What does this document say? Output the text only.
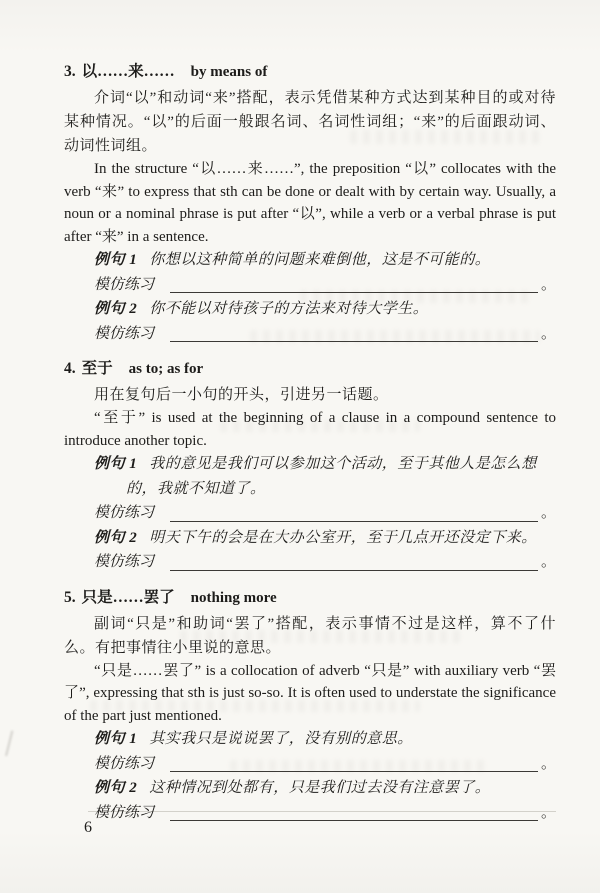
3. 以……来…… by means of

介词“以”和动词“来”搭配，表示凭借某种方式达到某种目的或对待某种情况。“以”的后面一般跟名词、名词性词组；“来”的后面跟动词、动词性词组。

In the structure “以……来……”, the preposition “以” collocates with the verb “来” to express that sth can be done or dealt with by certain way. Usually, a noun or a nominal phrase is put after “以”, while a verb or a verbal phrase is put after “来” in a sentence.

例句 1 你想以这种简单的问题来难倒他，这是不可能的。

模仿练习	。

例句 2 你不能以对待孩子的方法来对待大学生。

模仿练习	。
4. 至于 as to; as for

用在复句后一小句的开头，引进另一话题。

“至于” is used at the beginning of a clause in a compound sentence to introduce another topic.

例句 1 我的意见是我们可以参加这个活动，至于其他人是怎么想的，我就不知道了。

模仿练习	。

例句 2 明天下午的会是在大办公室开，至于几点开还没定下来。

模仿练习	。
5. 只是……罢了 nothing more

副词“只是”和助词“罢了”搭配，表示事情不过是这样，算不了什么。有把事情往小里说的意思。

“只是……罢了” is a collocation of adverb “只是” with auxiliary verb “罢了”, expressing that sth is just so-so. It is often used to understate the significance of the part just mentioned.

例句 1 其实我只是说说罢了，没有别的意思。

模仿练习	。

例句 2 这种情况到处都有，只是我们过去没有注意罢了。

模仿练习	。
6
